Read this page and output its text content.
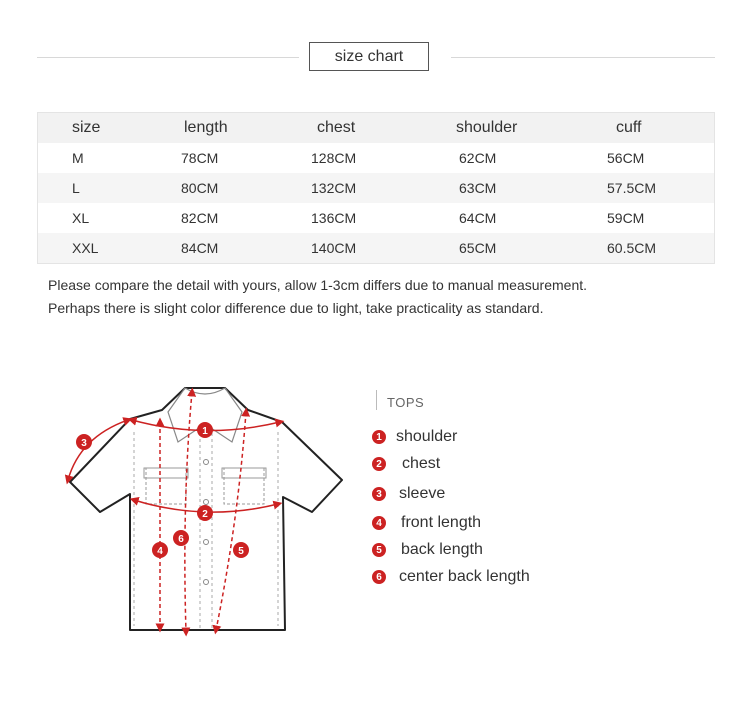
size chart
size	length	chest	shoulder	cuff
M	78CM	128CM	62CM	56CM
L	80CM	132CM	63CM	57.5CM
XL	82CM	136CM	64CM	59CM
XXL	84CM	140CM	65CM	60.5CM
Please compare the detail with yours, allow 1-3cm differs due to manual measurement.
Perhaps there is slight color difference due to light, take practicality as standard.
1
2
3
4	5
6
TOPS
1 shoulder
2 chest
3 sleeve
4 front length
5 back length
6 center back length
